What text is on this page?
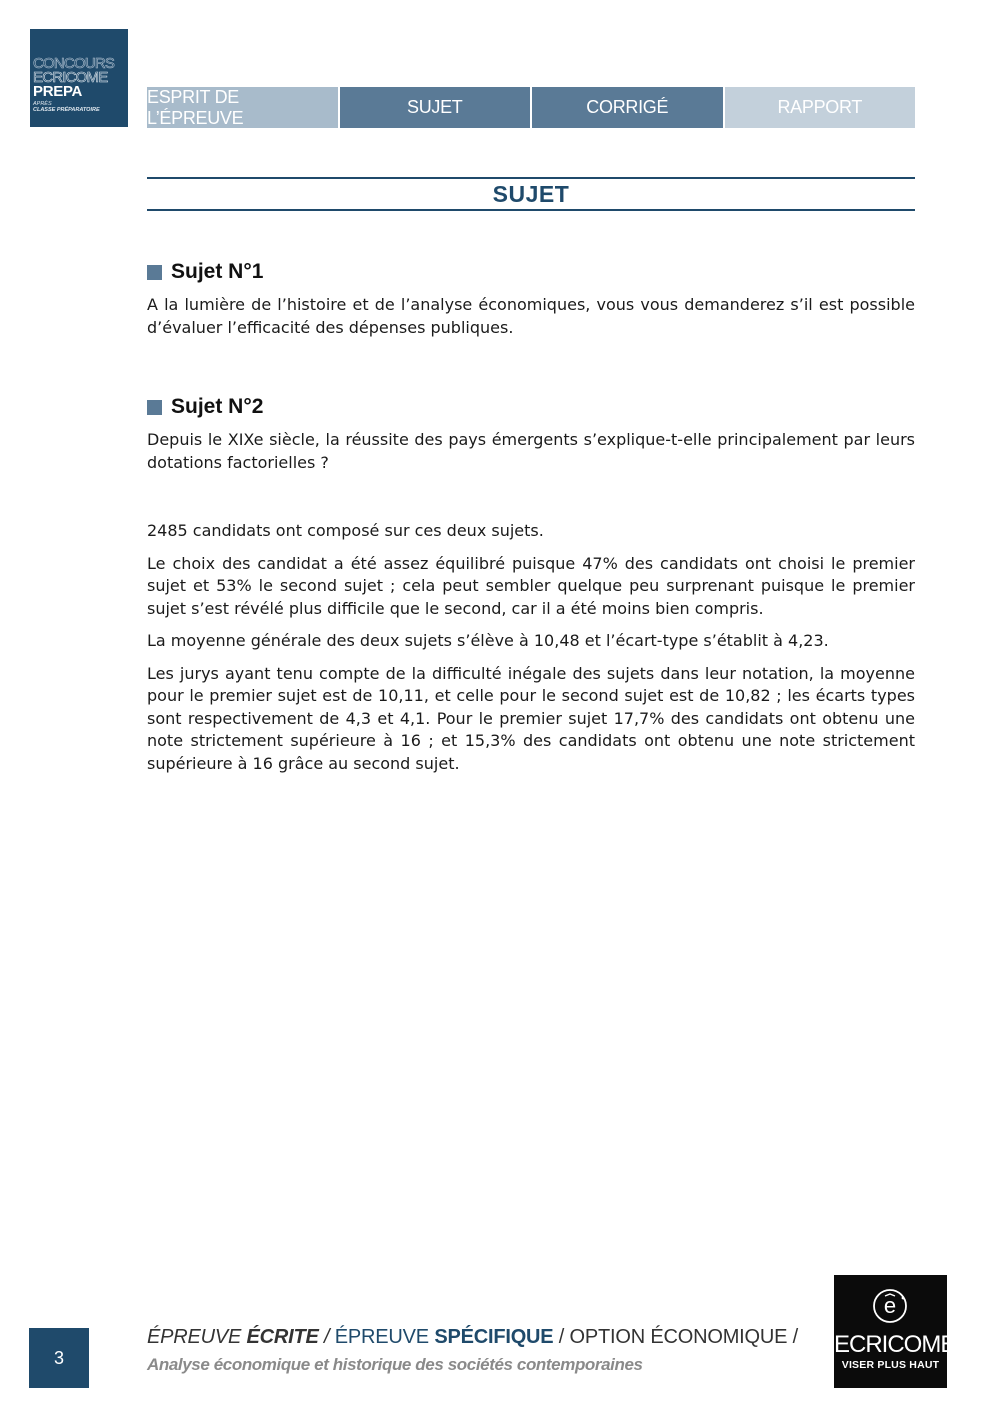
CONCOURS
ECRICOME
PREPA
APRÈS
CLASSE PRÉPARATOIRE
ESPRIT DE L’ÉPREUVE
SUJET	CORRIGÉ	RAPPORT
SUJET
Sujet N°1

A la lumière de l’histoire et de l’analyse économiques, vous vous demanderez s’il est possible d’évaluer l’efficacité des dépenses publiques.

Sujet N°2

Depuis le XIXe siècle, la réussite des pays émergents s’explique-t-elle principalement par leurs dotations factorielles ?

2485 candidats ont composé sur ces deux sujets.

Le choix des candidat a été assez équilibré puisque 47% des candidats ont choisi le premier sujet et 53% le second sujet ; cela peut sembler quelque peu surprenant puisque le premier sujet s’est révélé plus difficile que le second, car il a été moins bien compris.

La moyenne générale des deux sujets s’élève à 10,48 et l’écart-type s’établit à 4,23.

Les jurys ayant tenu compte de la difficulté inégale des sujets dans leur notation, la moyenne pour le premier sujet est de 10,11, et celle pour le second sujet est de 10,82 ; les écarts types sont respectivement de 4,3 et 4,1. Pour le premier sujet 17,7% des candidats ont obtenu une note strictement supérieure à 16 ; et 15,3% des candidats ont obtenu une note strictement supérieure à 16 grâce au second sujet.

3
ÉPREUVE ÉCRITE / ÉPREUVE SPÉCIFIQUE / OPTION ÉCONOMIQUE /
Analyse économique et historique des sociétés contemporaines
e
ECRICOME
VISER PLUS HAUT
